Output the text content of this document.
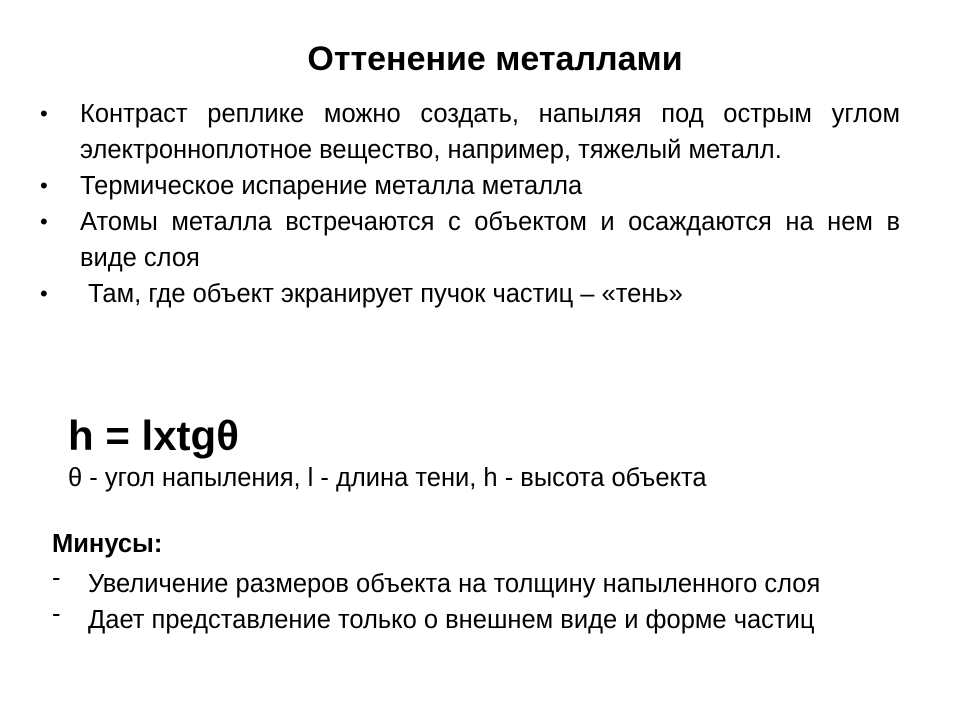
Оттенение металлами
• Контраст реплике можно создать, напыляя под острым углом электронноплотное вещество, например, тяжелый металл.
• Термическое испарение металла металла
• Атомы металла встречаются с объектом и осаждаются на нем в виде слоя
• Там, где объект экранирует пучок частиц – «тень»
h = lxtgθ
θ - угол напыления, l - длина тени, h - высота объекта
Минусы:
- Увеличение размеров объекта на толщину напыленного слоя
- Дает представление только о внешнем виде и форме частиц
